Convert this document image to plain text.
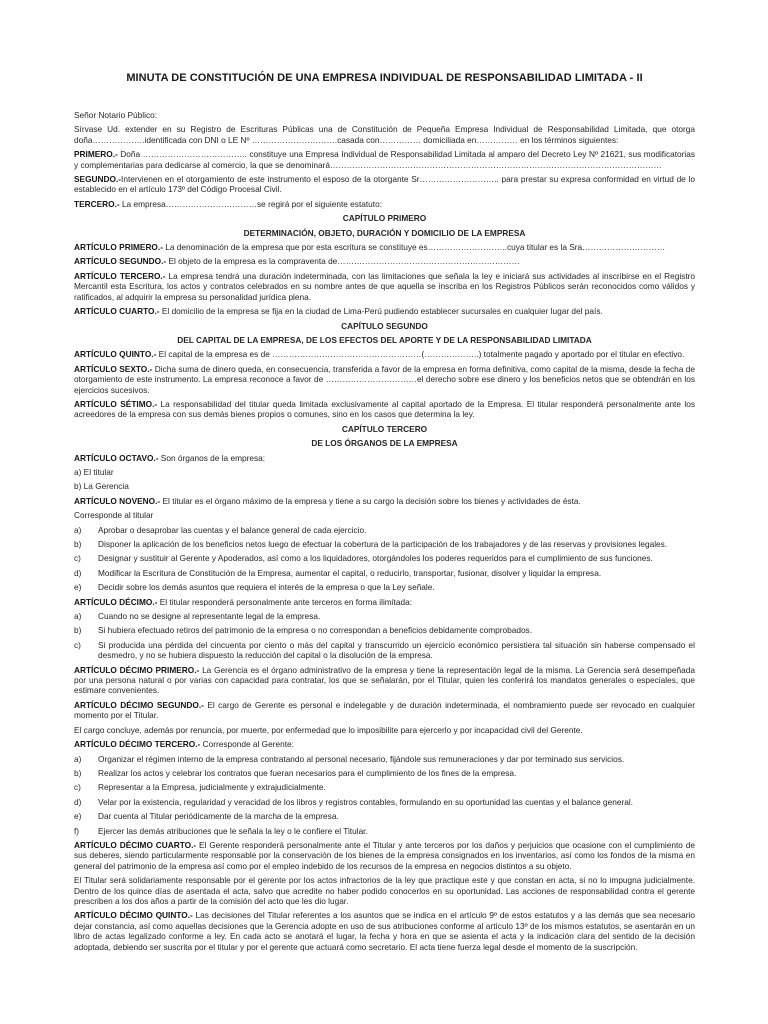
MINUTA DE CONSTITUCIÓN DE UNA EMPRESA INDIVIDUAL DE RESPONSABILIDAD LIMITADA - II

Señor Notario Público:

Sírvase Ud. extender en su Registro de Escrituras Públicas una de Constitución de Pequeña Empresa Individual de Responsabilidad Limitada, que otorga doña……………….identificada con DNI o LE Nº ………………………….casada con…………… domiciliada en…………… en los términos siguientes:

PRIMERO.- Doña ……………………………….. constituye una Empresa Individual de Responsabilidad Limitada al amparo del Decreto Ley Nº 21621, sus modificatorias y complementarias para dedicarse al comercio, la que se denominará…………………………………………………………………………………………………………

SEGUNDO.-Intervienen en el otorgamiento de este instrumento el esposo de la otorgante Sr……………………….. para prestar su expresa conformidad en virtud de lo establecido en el artículo 173º del Código Procesal Civil.

TERCERO.- La empresa……………………………se regirá por el siguiente estatuto:

CAPÍTULO PRIMERO
DETERMINACIÓN, OBJETO, DURACIÓN Y DOMICILIO DE LA EMPRESA

ARTÍCULO PRIMERO.- La denominación de la empresa que por esta escritura se constituye es………………………..cuya titular es la Sra…………………………

ARTÍCULO SEGUNDO.- El objeto de la empresa es la compraventa de…………………………………………………………

ARTÍCULO TERCERO.- La empresa tendrá una duración indeterminada, con las limitaciones que señala la ley e iniciará sus actividades al inscribirse en el Registro Mercantil esta Escritura, los actos y contratos celebrados en su nombre antes de que aquella se inscriba en los Registros Públicos serán reconocidos como válidos y ratificados, al adquirir la empresa su personalidad jurídica plena.

ARTÍCULO CUARTO.- El domicilio de la empresa se fija en la ciudad de Lima-Perú pudiendo establecer sucursales en cualquier lugar del país.

CAPÍTULO SEGUNDO
DEL CAPITAL DE LA EMPRESA, DE LOS EFECTOS DEL APORTE Y DE LA RESPONSABILIDAD LIMITADA

ARTÍCULO QUINTO.- El capital de la empresa es de ………………………………………………(………………..) totalmente pagado y aportado por el titular en efectivo.

ARTÍCULO SEXTO.- Dicha suma de dinero queda, en consecuencia, transferida a favor de la empresa en forma definitiva, como capital de la misma, desde la fecha de otorgamiento de este instrumento. La empresa reconoce a favor de ……………………………el derecho sobre ese dinero y los beneficios netos que se obtendrán en los ejercicios sucesivos.

ARTÍCULO SÉTIMO.- La responsabilidad del titular queda limitada exclusivamente al capital aportado de la Empresa. El titular responderá personalmente ante los acreedores de la empresa con sus demás bienes propios o comunes, sino en los casos que determina la ley.

CAPÍTULO TERCERO
DE LOS ÓRGANOS DE LA EMPRESA

ARTÍCULO OCTAVO.- Son órganos de la empresa:

a) El titular

b) La Gerencia

ARTÍCULO NOVENO.- El titular es el órgano máximo de la empresa y tiene a su cargo la decisión sobre los bienes y actividades de ésta.

Corresponde al titular

a)	Aprobar o desaprobar las cuentas y el balance general de cada ejercicio.
b)	Disponer la aplicación de los beneficios netos luego de efectuar la cobertura de la participación de los trabajadores y de las reservas y provisiones legales.
c)	Designar y sustituir al Gerente y Apoderados, así como a los liquidadores, otorgándoles los poderes requeridos para el cumplimiento de sus funciones.
d)	Modificar la Escritura de Constitución de la Empresa, aumentar el capital, o reducirlo, transportar, fusionar, disolver y liquidar la empresa.
e)	Decidir sobre los demás asuntos que requiera el interés de la empresa o que la Ley señale.

ARTÍCULO DÉCIMO.- El titular responderá personalmente ante terceros en forma ilimitada:

a)	Cuando no se designe al representante legal de la empresa.
b)	Si hubiera efectuado retiros del patrimonio de la empresa o no correspondan a beneficios debidamente comprobados.
c)	Si producida una pérdida del cincuenta por ciento o más del capital y transcurrido un ejercicio económico persistiera tal situación sin haberse compensado el desmedro, y no se hubiera dispuesto la reducción del capital o la disolución de la empresa.

ARTÍCULO DÉCIMO PRIMERO.- La Gerencia es el órgano administrativo de la empresa y tiene la representación legal de la misma. La Gerencia será desempeñada por una persona natural o por varias con capacidad para contratar, los que se señalarán, por el Titular, quien les conferirá los mandatos generales o especiales, que estimare convenientes.

ARTÍCULO DÉCIMO SEGUNDO.- El cargo de Gerente es personal e indelegable y de duración indeterminada, el nombramiento puede ser revocado en cualquier momento por el Titular.

El cargo concluye, además por renuncia, por muerte, por enfermedad que lo imposibilite para ejercerlo y por incapacidad civil del Gerente.

ARTÍCULO DÉCIMO TERCERO.- Corresponde al Gerente:

a)	Organizar el régimen interno de la empresa contratando al personal necesario, fijándole sus remuneraciones y dar por terminado sus servicios.
b)	Realizar los actos y celebrar los contratos que fueran necesarios para el cumplimiento de los fines de la empresa.
c)	Representar a la Empresa, judicialmente y extrajudicialmente.
d)	Velar por la existencia, regularidad y veracidad de los libros y registros contables, formulando en su oportunidad las cuentas y el balance general.
e)	Dar cuenta al Titular periódicamente de la marcha de la empresa.
f)	Ejercer las demás atribuciones que le señala la ley o le confiere el Titular.

ARTÍCULO DÉCIMO CUARTO.- El Gerente responderá personalmente ante el Titular y ante terceros por los daños y perjuicios que ocasione con el cumplimiento de sus deberes, siendo particularmente responsable por la conservación de los bienes de la empresa consignados en los inventarios, así como los fondos de la misma en general del patrimonio de la empresa así como por el empleo indebido de los recursos de la empresa en negocios distintos a su objeto.

El Titular será solidariamente responsable por el gerente por los actos infractorios de la ley que practique este y que constan en acta, si no lo impugna judicialmente. Dentro de los quince días de asentada el acta, salvo que acredite no haber podido conocerlos en su oportunidad. Las acciones de responsabilidad contra el gerente prescriben a los dos años a partir de la comisión del acto que les dio lugar.

ARTÍCULO DÉCIMO QUINTO.- Las decisiones del Titular referentes a los asuntos que se indica en el artículo 9º de estos estatutos y a las demás que sea necesario dejar constancia, así como aquellas decisiones que la Gerencia adopte en uso de sus atribuciones conforme al artículo 13º de los mismos estatutos, se asentarán en un libro de actas legalizado conforme a ley. En cada acto se anotará el lugar, la fecha y hora en que se asienta el acta y la indicación clara del sentido de la decisión adoptada, debiendo ser suscrita por el titular y por el gerente que actuará como secretario. El acta tiene fuerza legal desde el momento de la suscripción.
